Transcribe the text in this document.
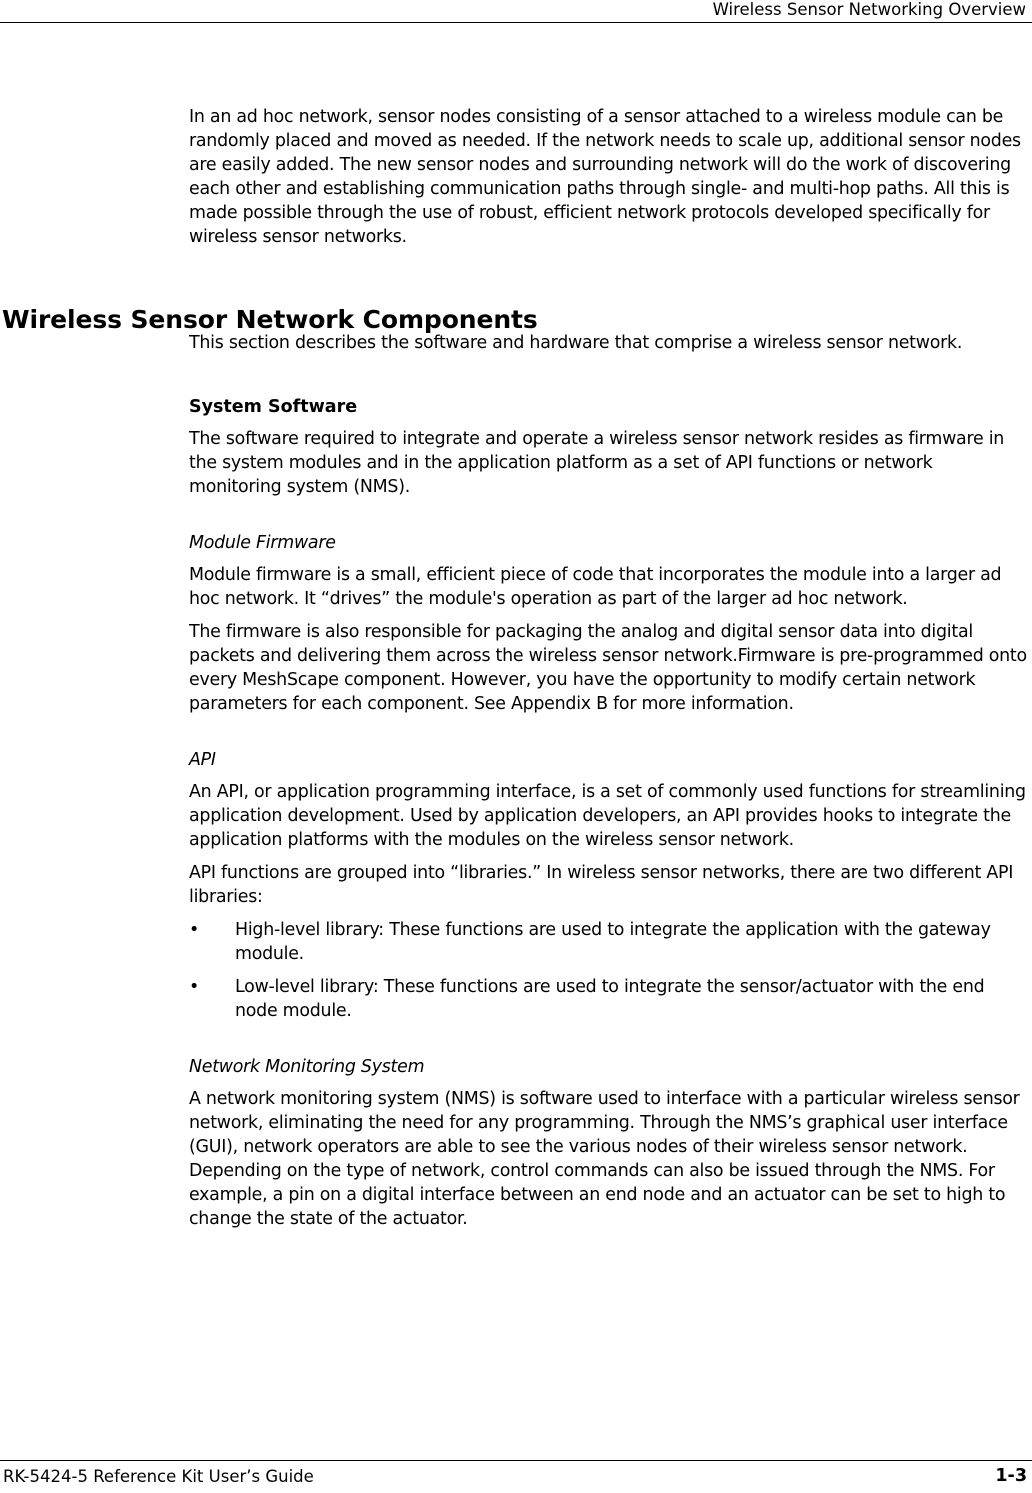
Wireless Sensor Networking Overview
Wireless Sensor Network Components

In an ad hoc network, sensor nodes consisting of a sensor attached to a wireless module can be randomly placed and moved as needed. If the network needs to scale up, additional sensor nodes are easily added. The new sensor nodes and surrounding network will do the work of discovering each other and establishing communication paths through single- and multi-hop paths. All this is made possible through the use of robust, efficient network protocols developed specifically for wireless sensor networks.

This section describes the software and hardware that comprise a wireless sensor network.

System Software

The software required to integrate and operate a wireless sensor network resides as firmware in the system modules and in the application platform as a set of API functions or network monitoring system (NMS).

Module Firmware

Module firmware is a small, efficient piece of code that incorporates the module into a larger ad hoc network. It “drives” the module's operation as part of the larger ad hoc network.

The firmware is also responsible for packaging the analog and digital sensor data into digital packets and delivering them across the wireless sensor network.Firmware is pre-programmed onto every MeshScape component. However, you have the opportunity to modify certain network parameters for each component. See Appendix B for more information.

API

An API, or application programming interface, is a set of commonly used functions for streamlining application development. Used by application developers, an API provides hooks to integrate the application platforms with the modules on the wireless sensor network.

API functions are grouped into “libraries.” In wireless sensor networks, there are two different API libraries:

• High-level library: These functions are used to integrate the application with the gateway module.
• Low-level library: These functions are used to integrate the sensor/actuator with the end node module.

Network Monitoring System

A network monitoring system (NMS) is software used to interface with a particular wireless sensor network, eliminating the need for any programming. Through the NMS’s graphical user interface (GUI), network operators are able to see the various nodes of their wireless sensor network. Depending on the type of network, control commands can also be issued through the NMS. For example, a pin on a digital interface between an end node and an actuator can be set to high to change the state of the actuator.

RK-5424-5 Reference Kit User’s Guide	1-3
